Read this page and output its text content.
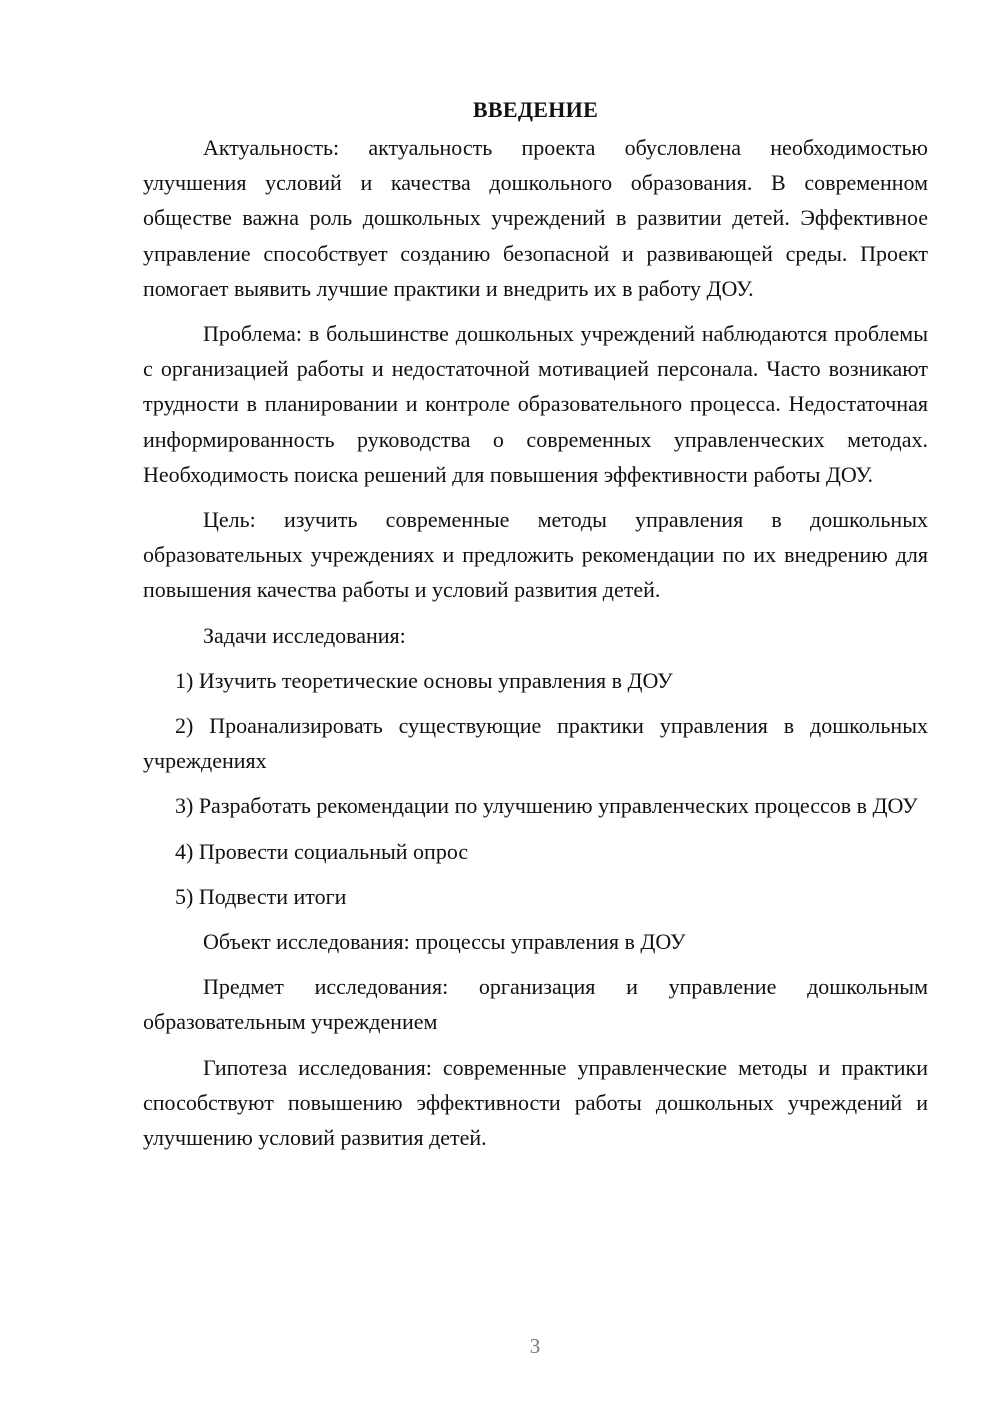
ВВЕДЕНИЕ

Актуальность: актуальность проекта обусловлена необходимостью улучшения условий и качества дошкольного образования. В современном обществе важна роль дошкольных учреждений в развитии детей. Эффективное управление способствует созданию безопасной и развивающей среды. Проект помогает выявить лучшие практики и внедрить их в работу ДОУ.

Проблема: в большинстве дошкольных учреждений наблюдаются проблемы с организацией работы и недостаточной мотивацией персонала. Часто возникают трудности в планировании и контроле образовательного процесса. Недостаточная информированность руководства о современных управленческих методах. Необходимость поиска решений для повышения эффективности работы ДОУ.

Цель: изучить современные методы управления в дошкольных образовательных учреждениях и предложить рекомендации по их внедрению для повышения качества работы и условий развития детей.

Задачи исследования:

1) Изучить теоретические основы управления в ДОУ

2) Проанализировать существующие практики управления в дошкольных учреждениях

3) Разработать рекомендации по улучшению управленческих процессов в ДОУ

4) Провести социальный опрос

5) Подвести итоги

Объект исследования: процессы управления в ДОУ

Предмет исследования: организация и управление дошкольным образовательным учреждением

Гипотеза исследования: современные управленческие методы и практики способствуют повышению эффективности работы дошкольных учреждений и улучшению условий развития детей.

3
